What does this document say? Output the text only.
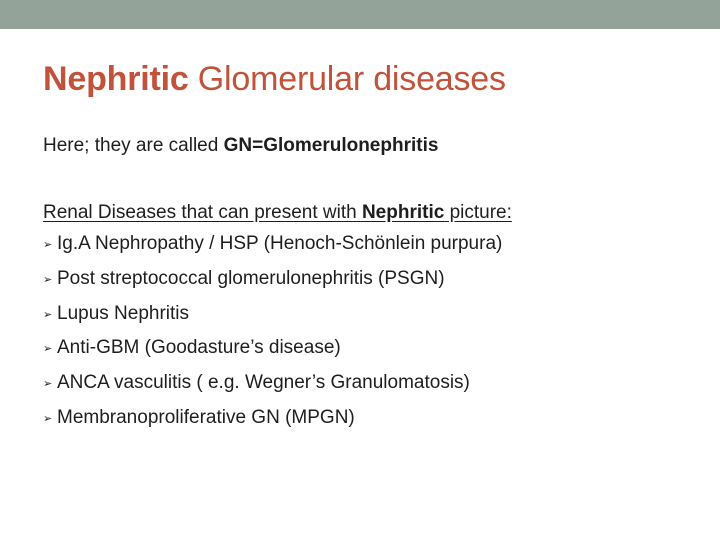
Nephritic Glomerular diseases
Here; they are called GN=Glomerulonephritis
Renal Diseases that can present with Nephritic picture:
➢ Ig.A Nephropathy / HSP (Henoch-Schönlein purpura)
➢ Post streptococcal glomerulonephritis (PSGN)
➢ Lupus Nephritis
➢ Anti-GBM (Goodasture’s disease)
➢ ANCA vasculitis ( e.g. Wegner’s Granulomatosis)
➢ Membranoproliferative GN (MPGN)
